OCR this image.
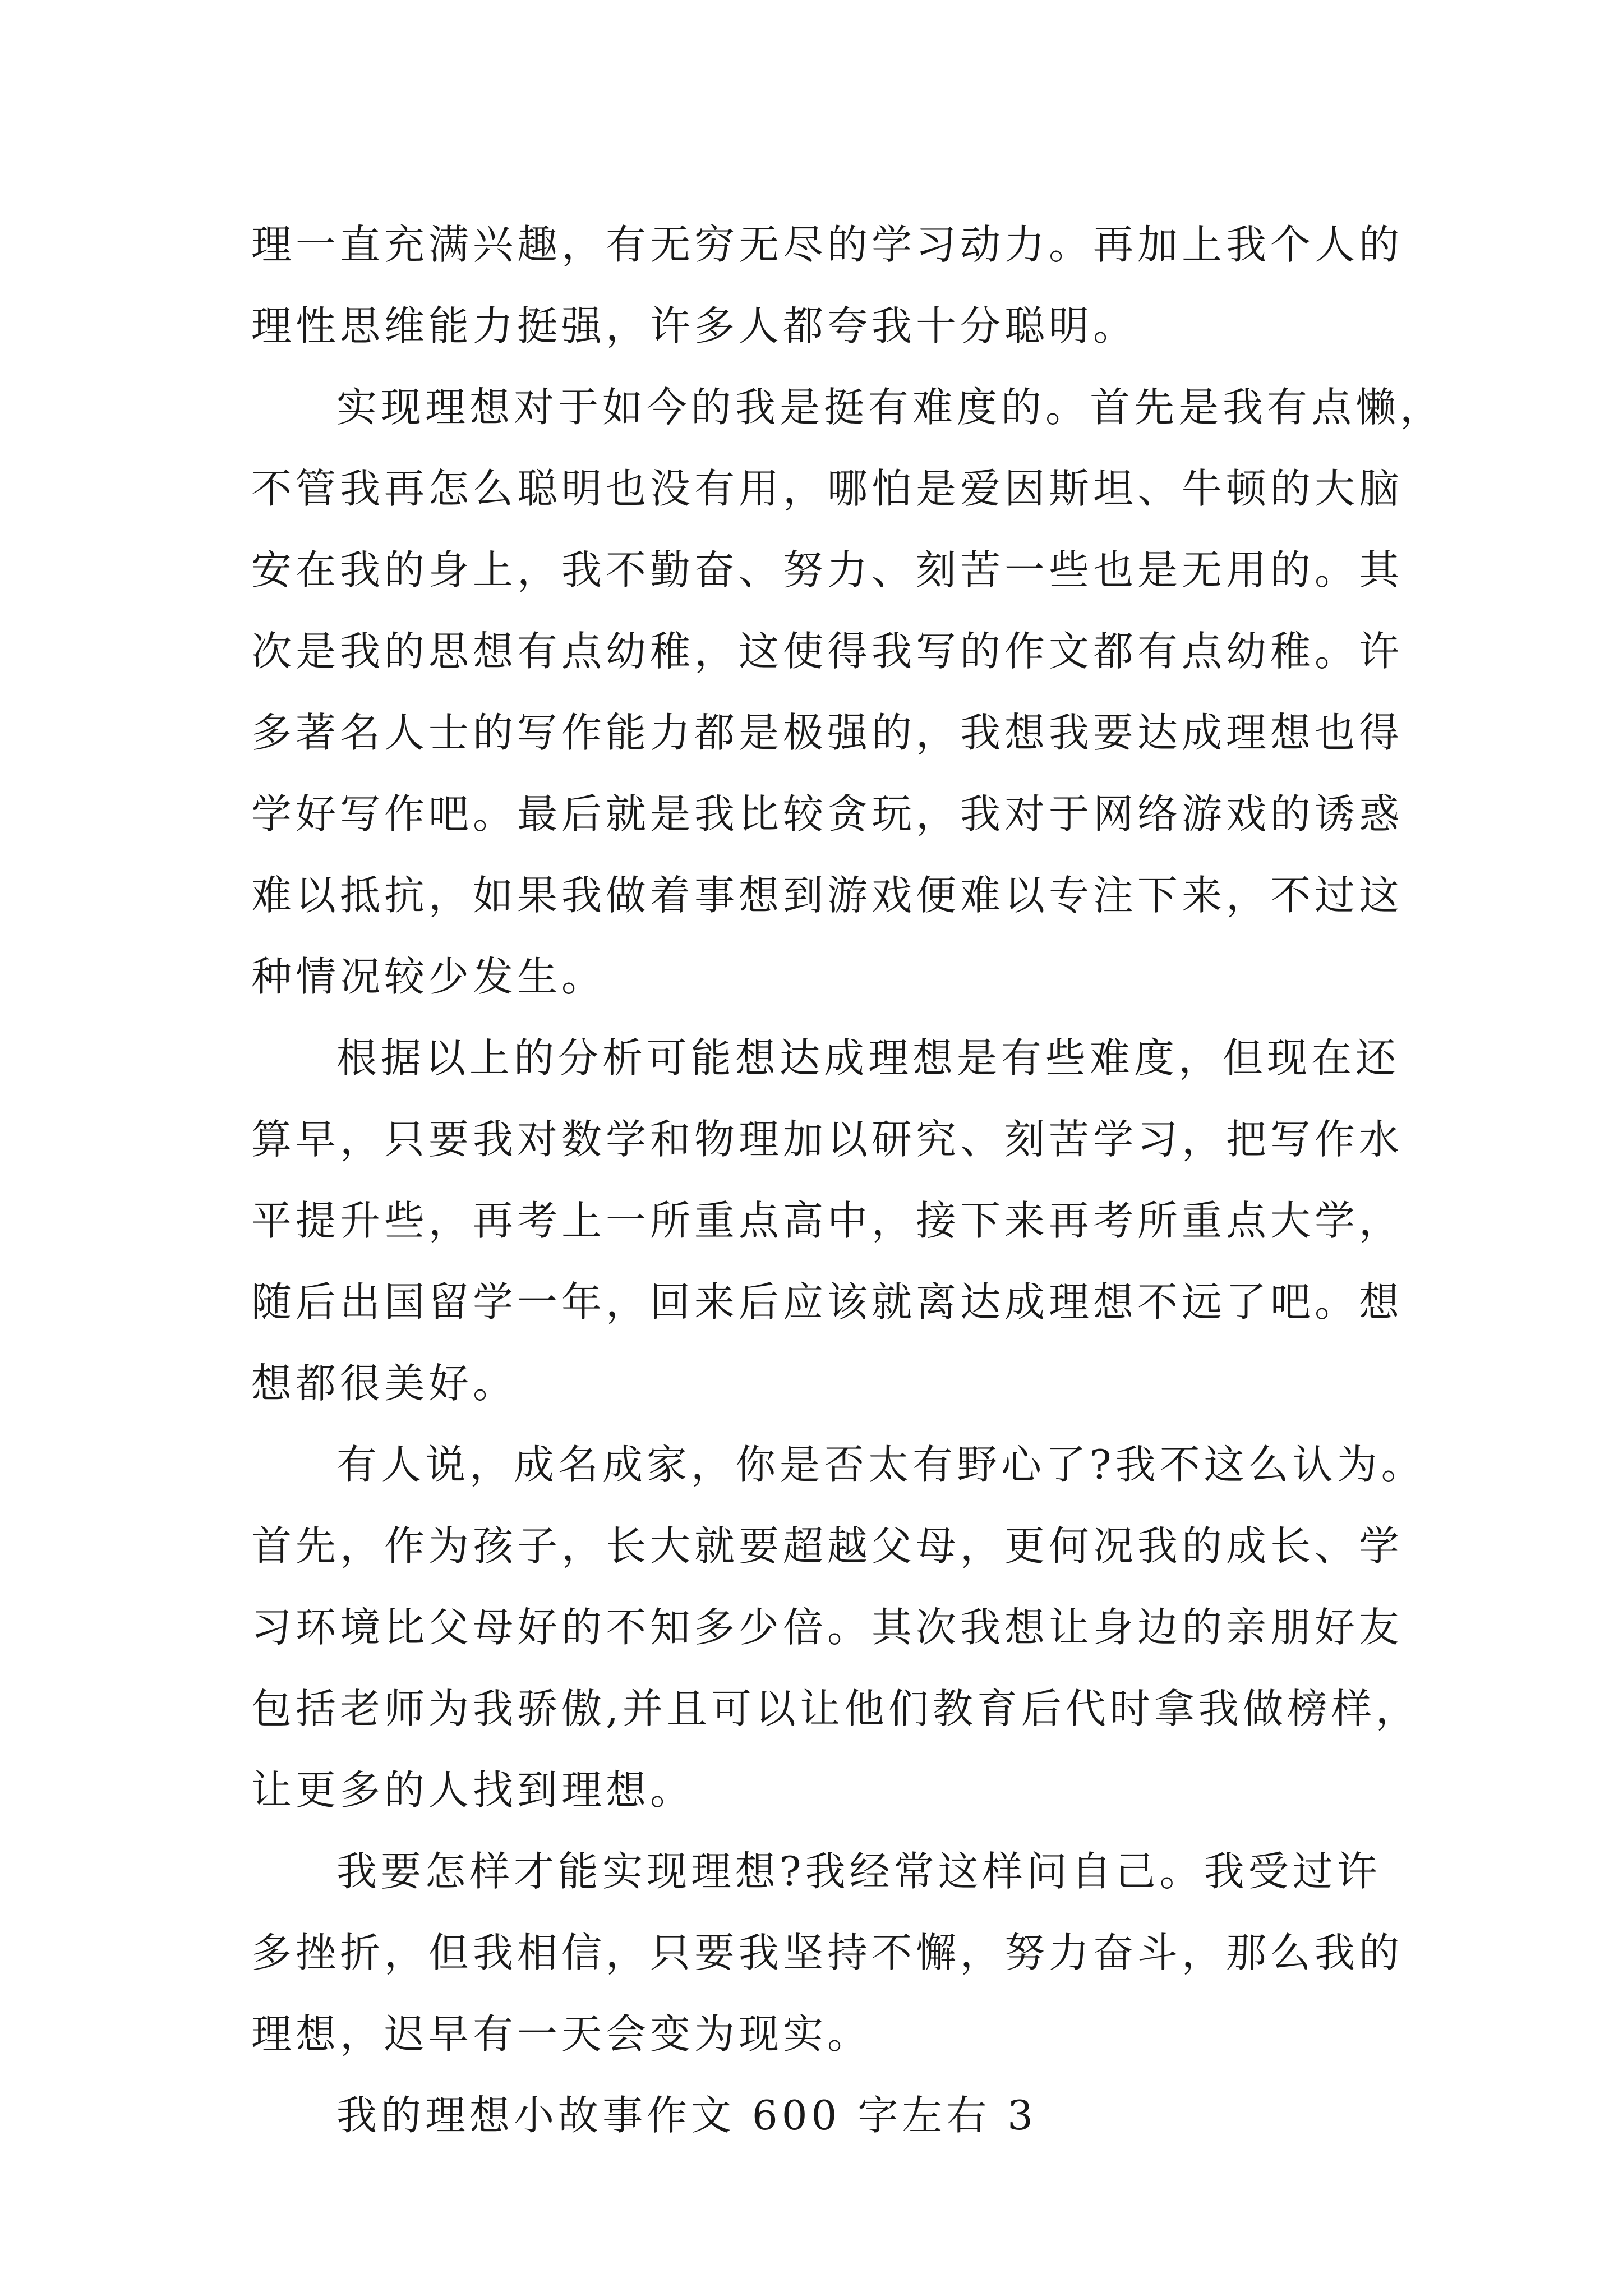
理一直充满兴趣，有无穷无尽的学习动力。再加上我个人的
理性思维能力挺强，许多人都夸我十分聪明。
实现理想对于如今的我是挺有难度的。首先是我有点懒，
不管我再怎么聪明也没有用，哪怕是爱因斯坦、牛顿的大脑
安在我的身上，我不勤奋、努力、刻苦一些也是无用的。其
次是我的思想有点幼稚，这使得我写的作文都有点幼稚。许
多著名人士的写作能力都是极强的，我想我要达成理想也得
学好写作吧。最后就是我比较贪玩，我对于网络游戏的诱惑
难以抵抗，如果我做着事想到游戏便难以专注下来，不过这
种情况较少发生。
根据以上的分析可能想达成理想是有些难度，但现在还
算早，只要我对数学和物理加以研究、刻苦学习，把写作水
平提升些，再考上一所重点高中，接下来再考所重点大学，
随后出国留学一年，回来后应该就离达成理想不远了吧。想
想都很美好。
有人说，成名成家，你是否太有野心了?我不这么认为。
首先，作为孩子，长大就要超越父母，更何况我的成长、学
习环境比父母好的不知多少倍。其次我想让身边的亲朋好友
包括老师为我骄傲,并且可以让他们教育后代时拿我做榜样，
让更多的人找到理想。
我要怎样才能实现理想?我经常这样问自己。我受过许
多挫折，但我相信，只要我坚持不懈，努力奋斗，那么我的
理想，迟早有一天会变为现实。
我的理想小故事作文 600 字左右 3
